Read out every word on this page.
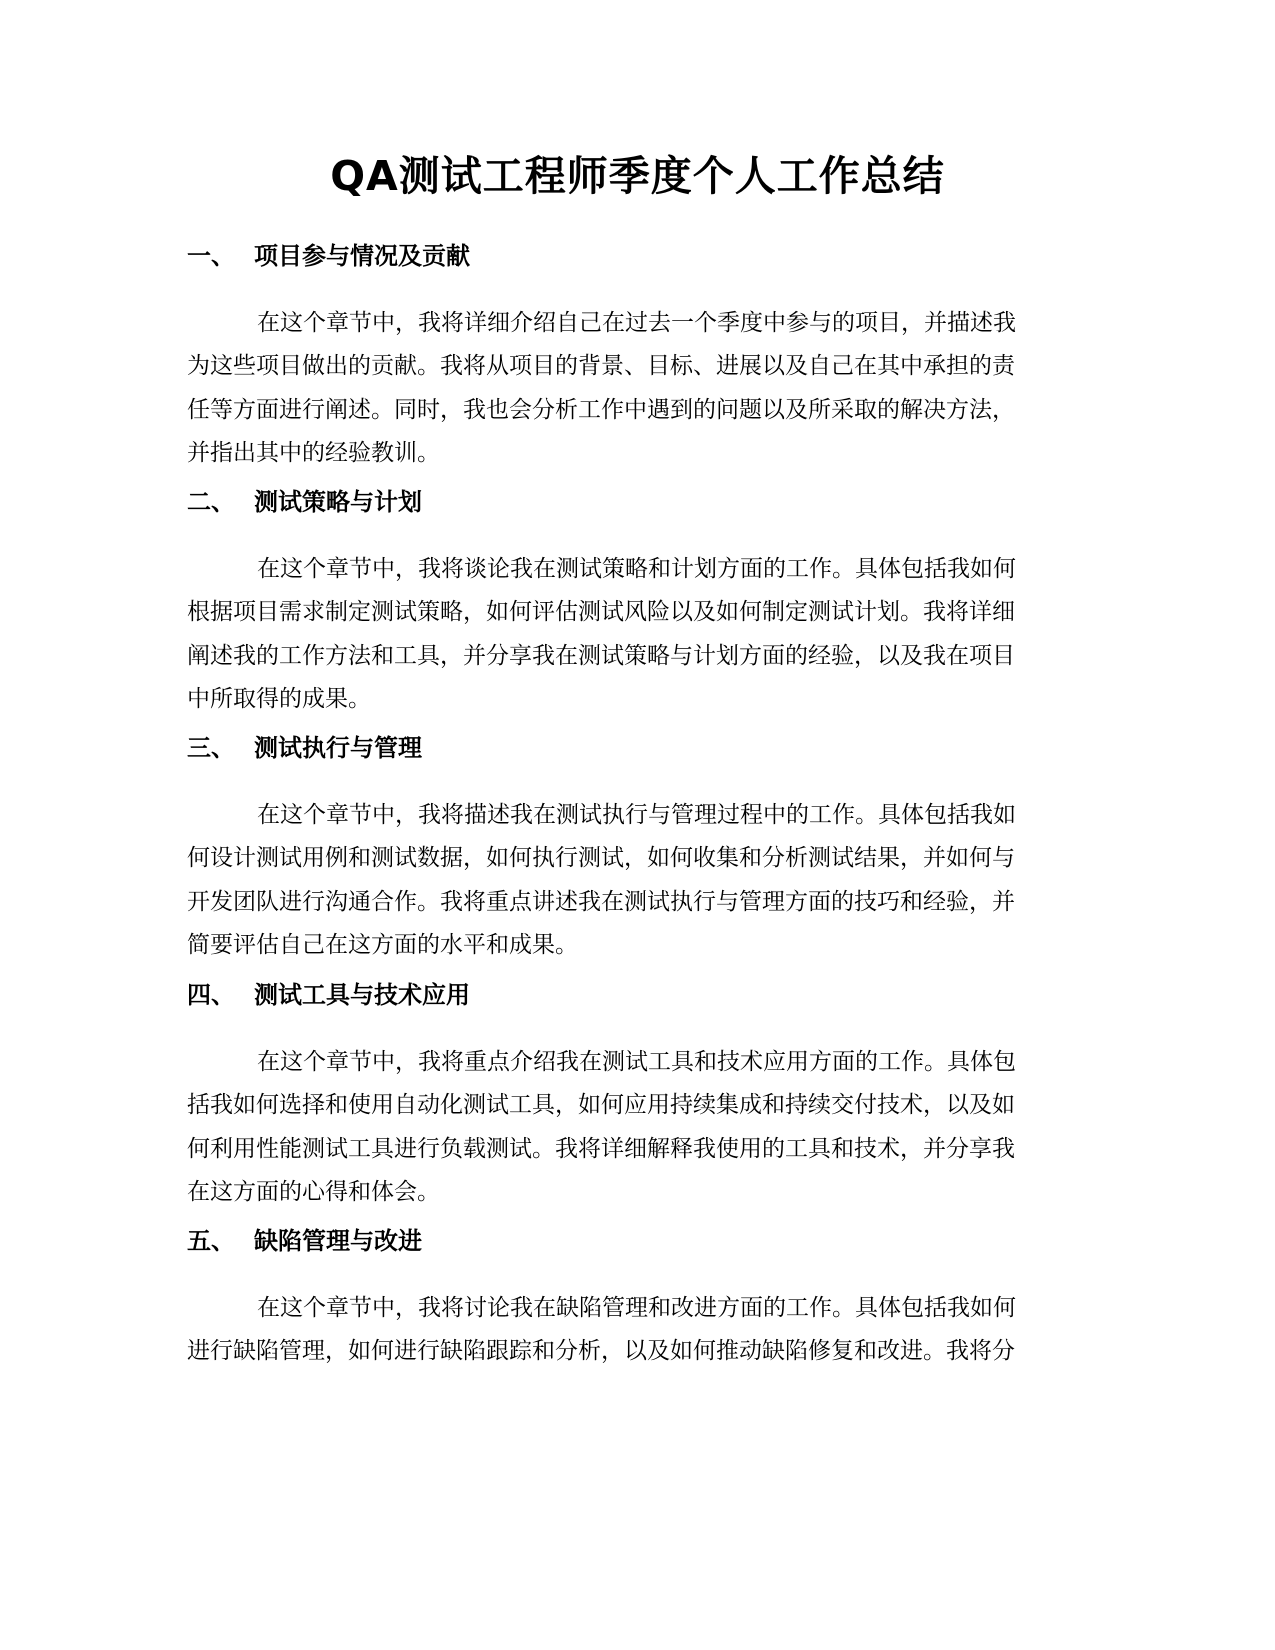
QA测试工程师季度个人工作总结
一、 项目参与情况及贡献
在这个章节中，我将详细介绍自己在过去一个季度中参与的项目，并描述我
为这些项目做出的贡献。我将从项目的背景、目标、进展以及自己在其中承担的责
任等方面进行阐述。同时，我也会分析工作中遇到的问题以及所采取的解决方法，
并指出其中的经验教训。
二、 测试策略与计划
在这个章节中，我将谈论我在测试策略和计划方面的工作。具体包括我如何
根据项目需求制定测试策略，如何评估测试风险以及如何制定测试计划。我将详细
阐述我的工作方法和工具，并分享我在测试策略与计划方面的经验，以及我在项目
中所取得的成果。
三、 测试执行与管理
在这个章节中，我将描述我在测试执行与管理过程中的工作。具体包括我如
何设计测试用例和测试数据，如何执行测试，如何收集和分析测试结果，并如何与
开发团队进行沟通合作。我将重点讲述我在测试执行与管理方面的技巧和经验，并
简要评估自己在这方面的水平和成果。
四、 测试工具与技术应用
在这个章节中，我将重点介绍我在测试工具和技术应用方面的工作。具体包
括我如何选择和使用自动化测试工具，如何应用持续集成和持续交付技术，以及如
何利用性能测试工具进行负载测试。我将详细解释我使用的工具和技术，并分享我
在这方面的心得和体会。
五、 缺陷管理与改进
在这个章节中，我将讨论我在缺陷管理和改进方面的工作。具体包括我如何
进行缺陷管理，如何进行缺陷跟踪和分析，以及如何推动缺陷修复和改进。我将分
